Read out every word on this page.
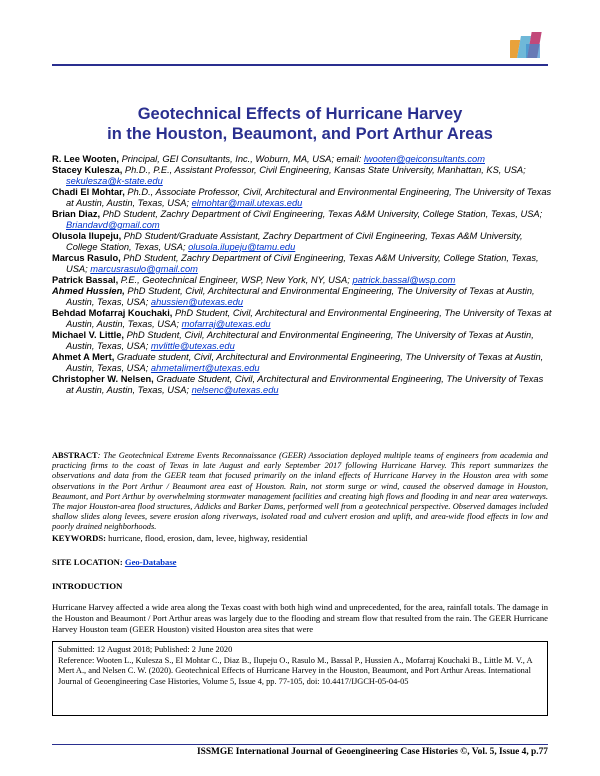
Geotechnical Effects of Hurricane Harvey
in the Houston, Beaumont, and Port Arthur Areas
R. Lee Wooten, Principal, GEI Consultants, Inc., Woburn, MA, USA; email: lwooten@geiconsultants.com
Stacey Kulesza, Ph.D., P.E., Assistant Professor, Civil Engineering, Kansas State University, Manhattan, KS, USA; sekulesza@k-state.edu
Chadi El Mohtar, Ph.D., Associate Professor, Civil, Architectural and Environmental Engineering, The University of Texas at Austin, Austin, Texas, USA; elmohtar@mail.utexas.edu
Brian Diaz, PhD Student, Zachry Department of Civil Engineering, Texas A&M University, College Station, Texas, USA; Briandavd@gmail.com
Olusola Ilupeju, PhD Student/Graduate Assistant, Zachry Department of Civil Engineering, Texas A&M University, College Station, Texas, USA; olusola.ilupeju@tamu.edu
Marcus Rasulo, PhD Student, Zachry Department of Civil Engineering, Texas A&M University, College Station, Texas, USA; marcusrasulo@gmail.com
Patrick Bassal, P.E., Geotechnical Engineer, WSP, New York, NY, USA; patrick.bassal@wsp.com
Ahmed Hussien, PhD Student, Civil, Architectural and Environmental Engineering, The University of Texas at Austin, Austin, Texas, USA; ahussien@utexas.edu
Behdad Mofarraj Kouchaki, PhD Student, Civil, Architectural and Environmental Engineering, The University of Texas at Austin, Austin, Texas, USA; mofarraj@utexas.edu
Michael V. Little, PhD Student, Civil, Architectural and Environmental Engineering, The University of Texas at Austin, Austin, Texas, USA; mvlittle@utexas.edu
Ahmet A Mert, Graduate student, Civil, Architectural and Environmental Engineering, The University of Texas at Austin, Austin, Texas, USA; ahmetalimert@utexas.edu
Christopher W. Nelsen, Graduate Student, Civil, Architectural and Environmental Engineering, The University of Texas at Austin, Austin, Texas, USA; nelsenc@utexas.edu
ABSTRACT: The Geotechnical Extreme Events Reconnaissance (GEER) Association deployed multiple teams of engineers from academia and practicing firms to the coast of Texas in late August and early September 2017 following Hurricane Harvey. This report summarizes the observations and data from the GEER team that focused primarily on the inland effects of Hurricane Harvey in the Houston area with some observations in the Port Arthur / Beaumont area east of Houston. Rain, not storm surge or wind, caused the observed damage in Houston, Beaumont, and Port Arthur by overwhelming stormwater management facilities and creating high flows and flooding in and near area waterways. The major Houston-area flood structures, Addicks and Barker Dams, performed well from a geotechnical perspective. Observed damages included shallow slides along levees, severe erosion along riverways, isolated road and culvert erosion and uplift, and area-wide flood effects in low and poorly drained neighborhoods.
KEYWORDS: hurricane, flood, erosion, dam, levee, highway, residential
SITE LOCATION: Geo-Database
INTRODUCTION
Hurricane Harvey affected a wide area along the Texas coast with both high wind and unprecedented, for the area, rainfall totals. The damage in the Houston and Beaumont / Port Arthur areas was largely due to the flooding and stream flow that resulted from the rain. The GEER Hurricane Harvey Houston team (GEER Houston) visited Houston area sites that were
Submitted: 12 August 2018; Published: 2 June 2020
Reference: Wooten L., Kulesza S., El Mohtar C., Diaz B., Ilupeju O., Rasulo M., Bassal P., Hussien A., Mofarraj Kouchaki B., Little M. V., A Mert A., and Nelsen C. W. (2020). Geotechnical Effects of Hurricane Harvey in the Houston, Beaumont, and Port Arthur Areas. International Journal of Geoengineering Case Histories, Volume 5, Issue 4, pp. 77-105, doi: 10.4417/IJGCH-05-04-05
ISSMGE International Journal of Geoengineering Case Histories ©, Vol. 5, Issue 4, p.77
